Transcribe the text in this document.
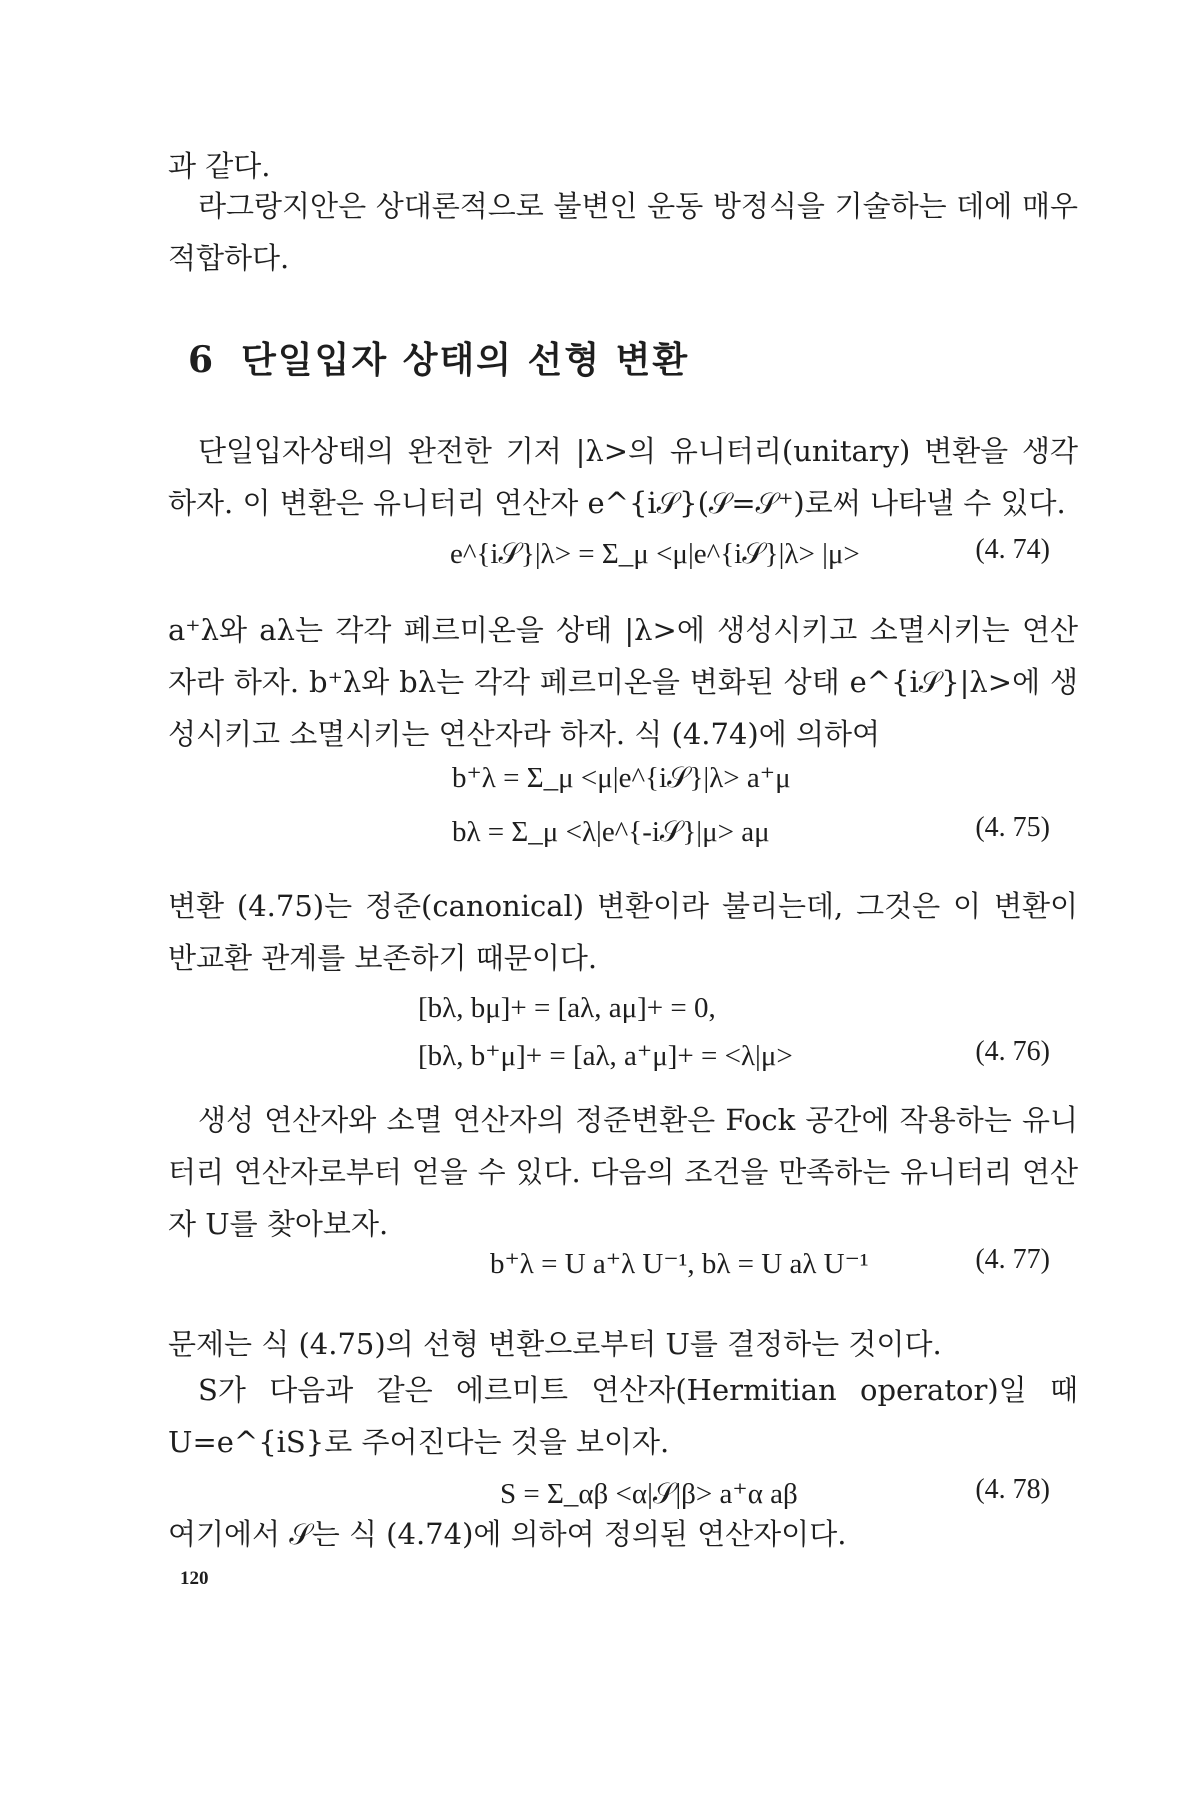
과 같다.

라그랑지안은 상대론적으로 불변인 운동 방정식을 기술하는 데에 매우 적합하다.

6 단일입자 상태의 선형 변환

단일입자상태의 완전한 기저 |λ>의 유니터리(unitary) 변환을 생각하자. 이 변환은 유니터리 연산자 e^{i𝒮}(𝒮=𝒮⁺)로써 나타낼 수 있다.

e^{i𝒮}|λ> = Σ_μ <μ|e^{i𝒮}|λ> |μ>	(4. 74)

a⁺λ와 aλ는 각각 페르미온을 상태 |λ>에 생성시키고 소멸시키는 연산자라 하자. b⁺λ와 bλ는 각각 페르미온을 변화된 상태 e^{i𝒮}|λ>에 생성시키고 소멸시키는 연산자라 하자. 식 (4.74)에 의하여

b⁺λ = Σ_μ <μ|e^{i𝒮}|λ> a⁺μ
bλ = Σ_μ <λ|e^{-i𝒮}|μ> aμ	(4. 75)

변환 (4.75)는 정준(canonical) 변환이라 불리는데, 그것은 이 변환이 반교환 관계를 보존하기 때문이다.

[bλ, bμ]+ = [aλ, aμ]+ = 0,
[bλ, b⁺μ]+ = [aλ, a⁺μ]+ = <λ|μ>	(4. 76)

생성 연산자와 소멸 연산자의 정준변환은 Fock 공간에 작용하는 유니터리 연산자로부터 얻을 수 있다. 다음의 조건을 만족하는 유니터리 연산자 U를 찾아보자.

b⁺λ = U a⁺λ U⁻¹, bλ = U aλ U⁻¹	(4. 77)

문제는 식 (4.75)의 선형 변환으로부터 U를 결정하는 것이다.

S가 다음과 같은 에르미트 연산자(Hermitian operator)일 때 U=e^{iS}로 주어진다는 것을 보이자.

S = Σ_αβ <α|𝒮|β> a⁺α aβ	(4. 78)

여기에서 𝒮는 식 (4.74)에 의하여 정의된 연산자이다.

120
